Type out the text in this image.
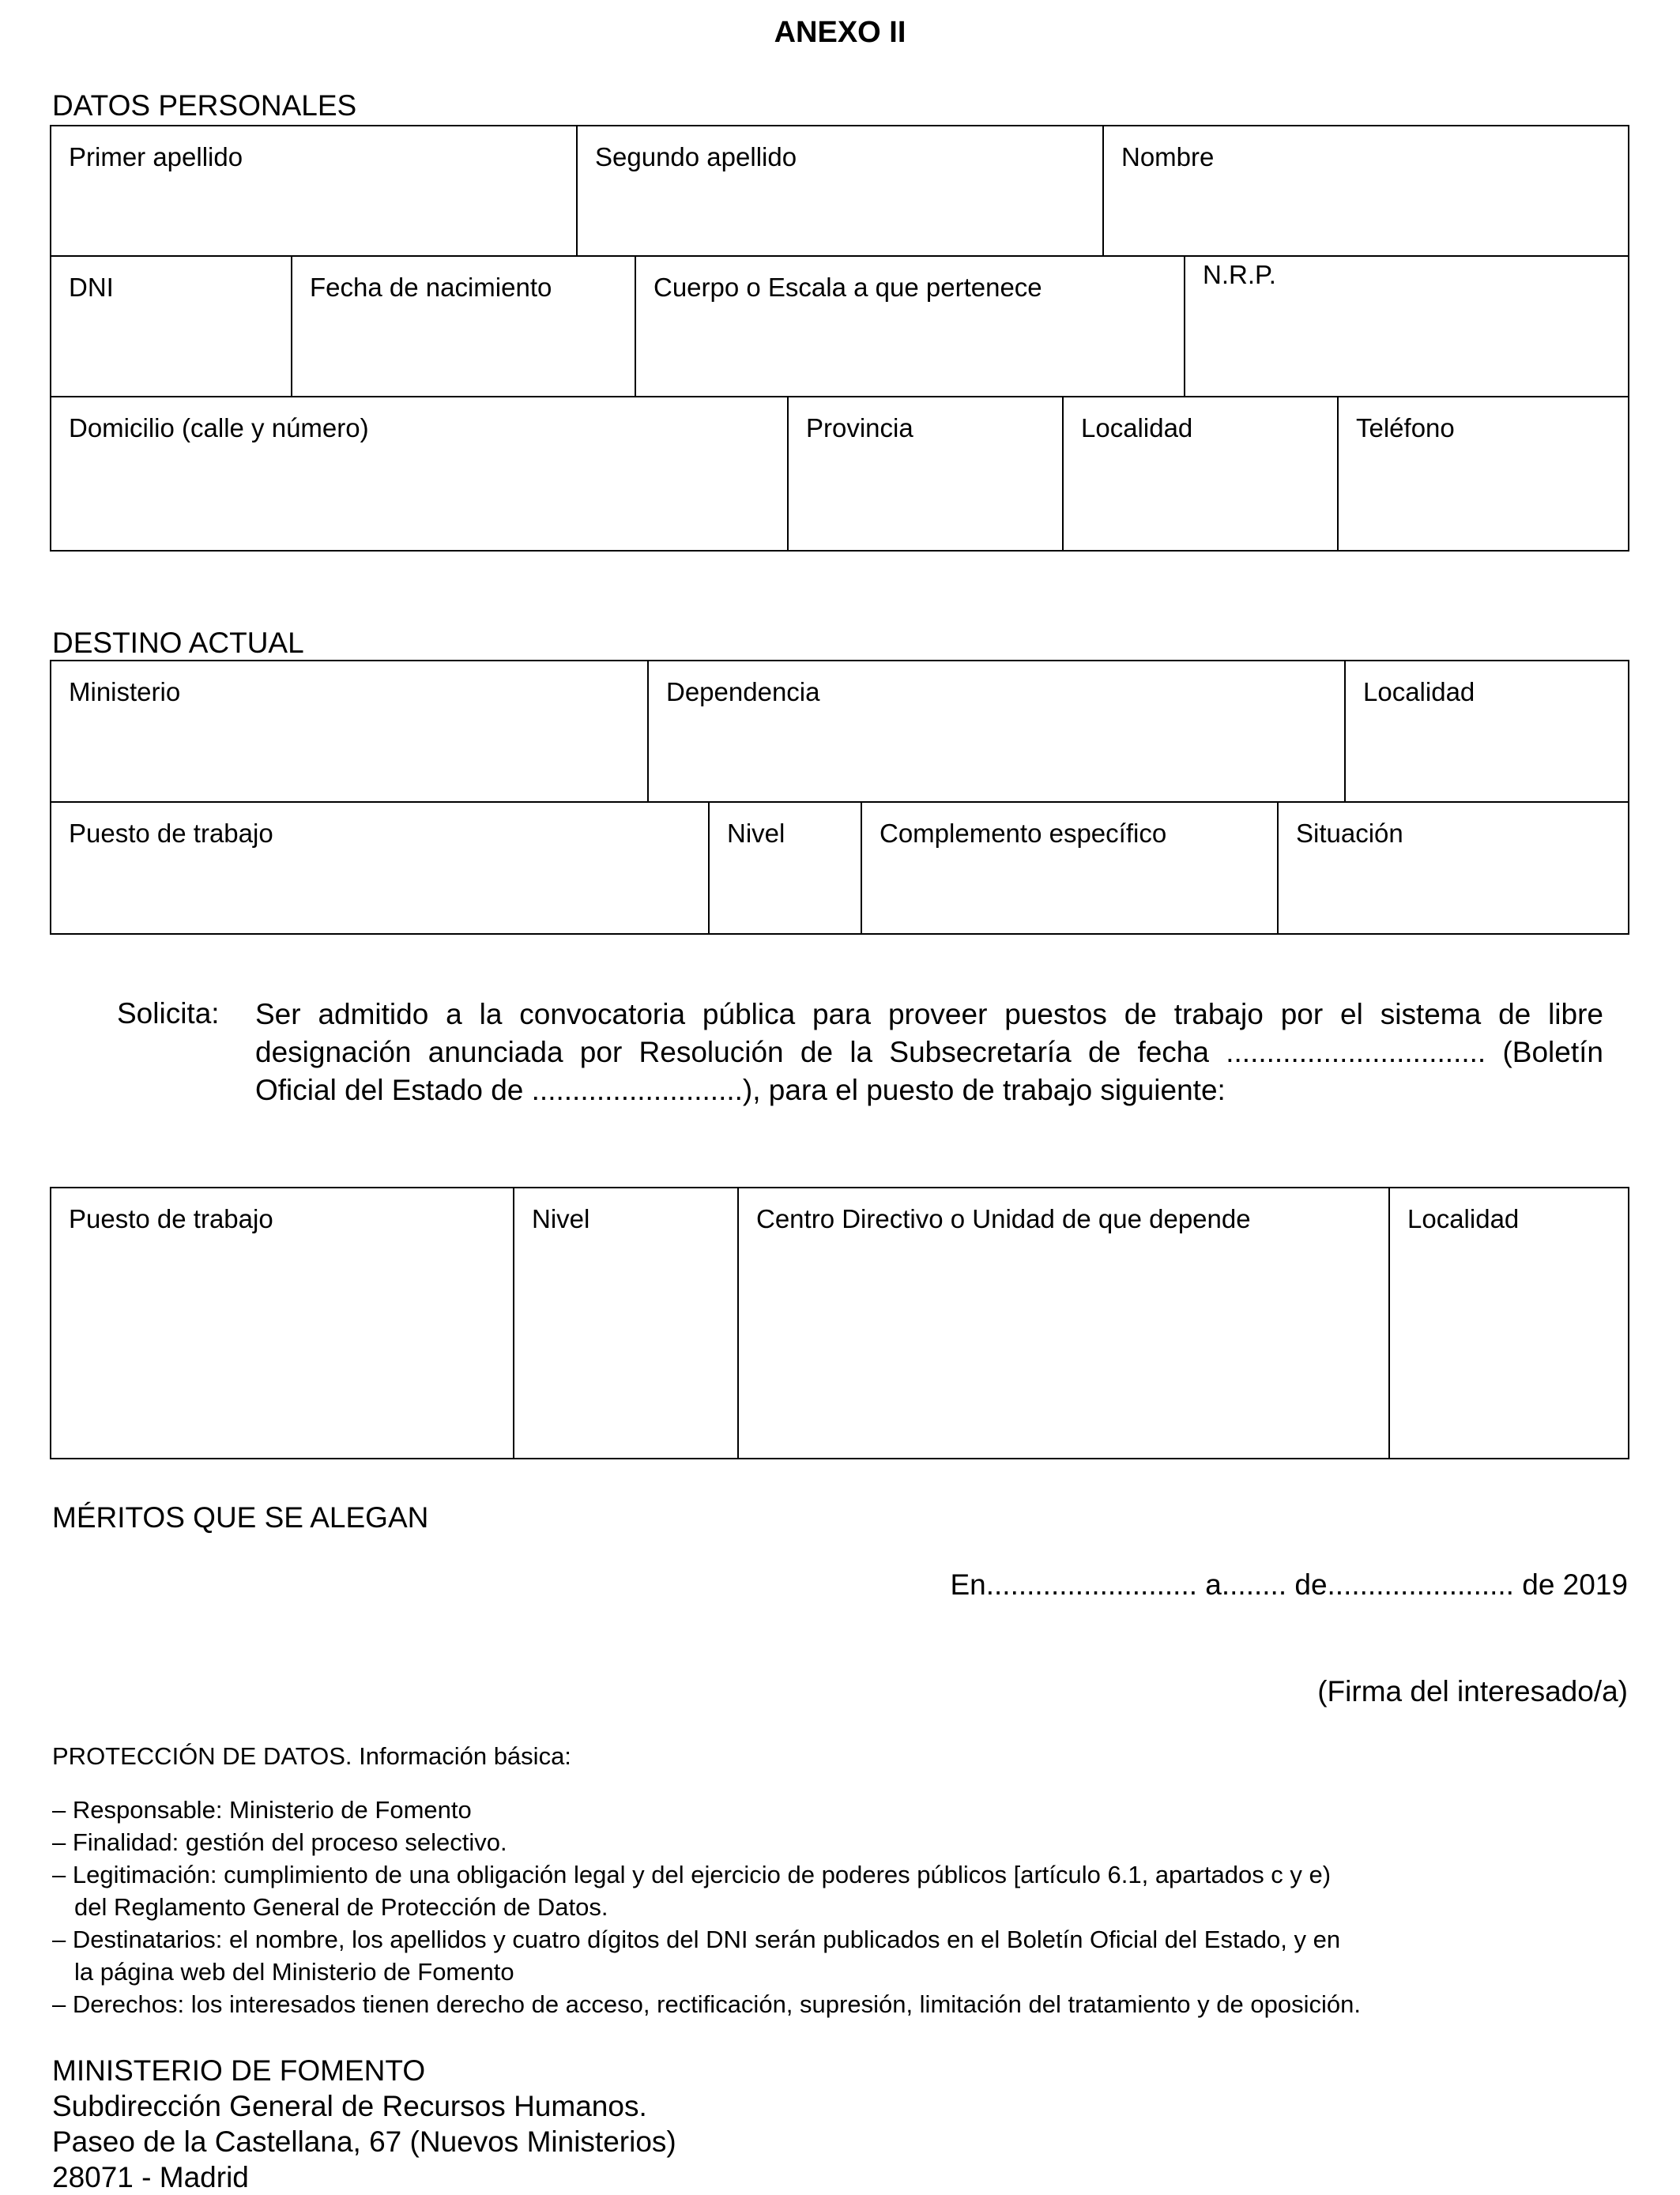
ANEXO II
DATOS PERSONALES
Primer apellido	Segundo apellido	Nombre
DNI	Fecha de nacimiento	Cuerpo o Escala a que pertenece	N.R.P.
Domicilio (calle y número)	Provincia	Localidad	Teléfono
DESTINO ACTUAL
Ministerio	Dependencia	Localidad
Puesto de trabajo	Nivel	Complemento específico	Situación
Solicita: Ser admitido a la convocatoria pública para proveer puestos de trabajo por el sistema de libre designación anunciada por Resolución de la Subsecretaría de fecha ................................ (Boletín Oficial del Estado de ..........................), para el puesto de trabajo siguiente:
Puesto de trabajo	Nivel	Centro Directivo o Unidad de que depende	Localidad
MÉRITOS QUE SE ALEGAN
En.......................... a........ de....................... de 2019
(Firma del interesado/a)
PROTECCIÓN DE DATOS. Información básica:
– Responsable: Ministerio de Fomento
– Finalidad: gestión del proceso selectivo.
– Legitimación: cumplimiento de una obligación legal y del ejercicio de poderes públicos [artículo 6.1, apartados c y e)
del Reglamento General de Protección de Datos.
– Destinatarios: el nombre, los apellidos y cuatro dígitos del DNI serán publicados en el Boletín Oficial del Estado, y en
la página web del Ministerio de Fomento
– Derechos: los interesados tienen derecho de acceso, rectificación, supresión, limitación del tratamiento y de oposición.
MINISTERIO DE FOMENTO
Subdirección General de Recursos Humanos.
Paseo de la Castellana, 67 (Nuevos Ministerios)
28071 - Madrid
